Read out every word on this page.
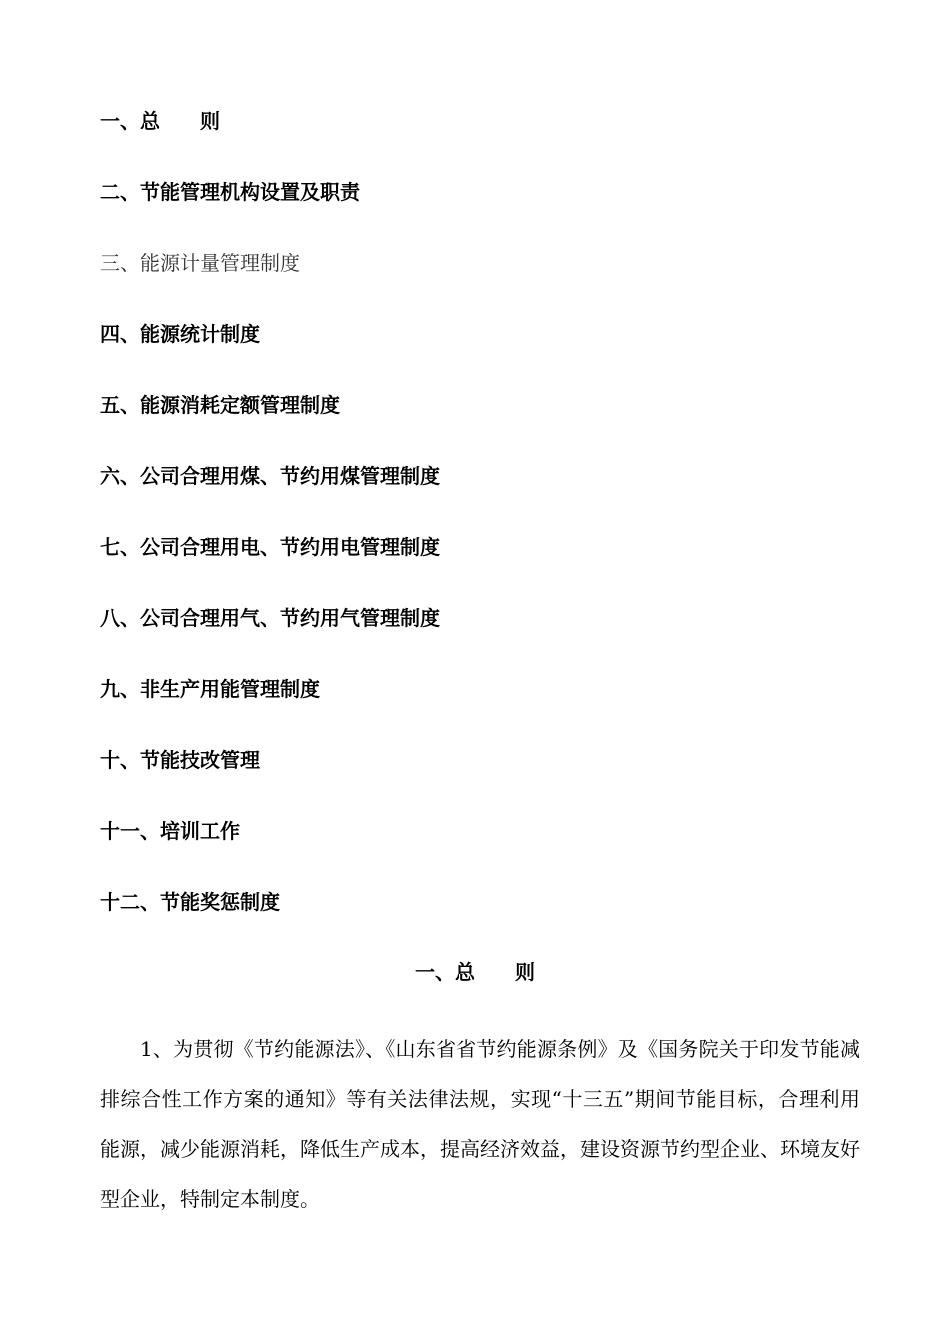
一、总　　则
二、节能管理机构设置及职责
三、能源计量管理制度
四、能源统计制度
五、能源消耗定额管理制度
六、公司合理用煤、节约用煤管理制度
七、公司合理用电、节约用电管理制度
八、公司合理用气、节约用气管理制度
九、非生产用能管理制度
十、节能技改管理
十一、培训工作
十二、节能奖惩制度
一、总　　则

1、为贯彻《节约能源法》、《山东省省节约能源条例》及《国务院关于印发节能减排综合性工作方案的通知》等有关法律法规，实现“十三五”期间节能目标，合理利用能源，减少能源消耗，降低生产成本，提高经济效益，建设资源节约型企业、环境友好型企业，特制定本制度。
